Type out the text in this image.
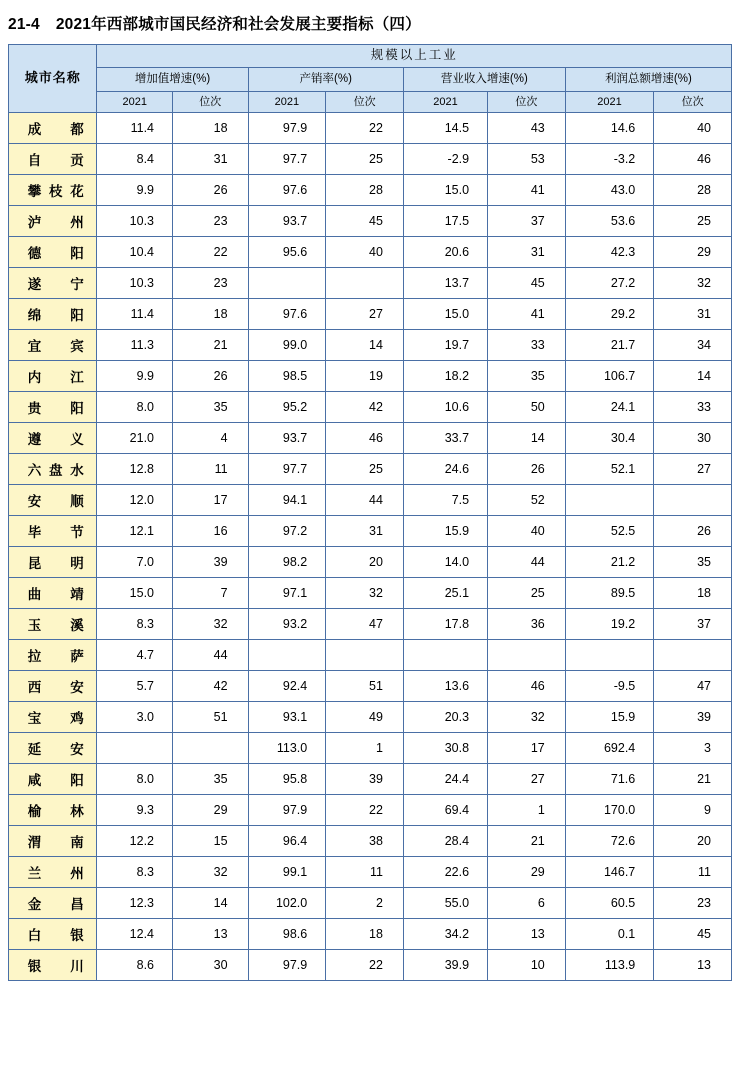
21-4 2021年西部城市国民经济和社会发展主要指标（四）
城市名称	规模以上工业							
	增加值增速(%)		产销率(%)		营业收入增速(%)		利润总额增速(%)	
	2021	位次	2021	位次	2021	位次	2021	位次
成都	11.4	18	97.9	22	14.5	43	14.6	40
自贡	8.4	31	97.7	25	-2.9	53	-3.2	46
攀枝花	9.9	26	97.6	28	15.0	41	43.0	28
泸州	10.3	23	93.7	45	17.5	37	53.6	25
德阳	10.4	22	95.6	40	20.6	31	42.3	29
遂宁	10.3	23			13.7	45	27.2	32
绵阳	11.4	18	97.6	27	15.0	41	29.2	31
宜宾	11.3	21	99.0	14	19.7	33	21.7	34
内江	9.9	26	98.5	19	18.2	35	106.7	14
贵阳	8.0	35	95.2	42	10.6	50	24.1	33
遵义	21.0	4	93.7	46	33.7	14	30.4	30
六盘水	12.8	11	97.7	25	24.6	26	52.1	27
安顺	12.0	17	94.1	44	7.5	52		
毕节	12.1	16	97.2	31	15.9	40	52.5	26
昆明	7.0	39	98.2	20	14.0	44	21.2	35
曲靖	15.0	7	97.1	32	25.1	25	89.5	18
玉溪	8.3	32	93.2	47	17.8	36	19.2	37
拉萨	4.7	44						
西安	5.7	42	92.4	51	13.6	46	-9.5	47
宝鸡	3.0	51	93.1	49	20.3	32	15.9	39
延安			113.0	1	30.8	17	692.4	3
咸阳	8.0	35	95.8	39	24.4	27	71.6	21
榆林	9.3	29	97.9	22	69.4	1	170.0	9
渭南	12.2	15	96.4	38	28.4	21	72.6	20
兰州	8.3	32	99.1	11	22.6	29	146.7	11
金昌	12.3	14	102.0	2	55.0	6	60.5	23
白银	12.4	13	98.6	18	34.2	13	0.1	45
银川	8.6	30	97.9	22	39.9	10	113.9	13
